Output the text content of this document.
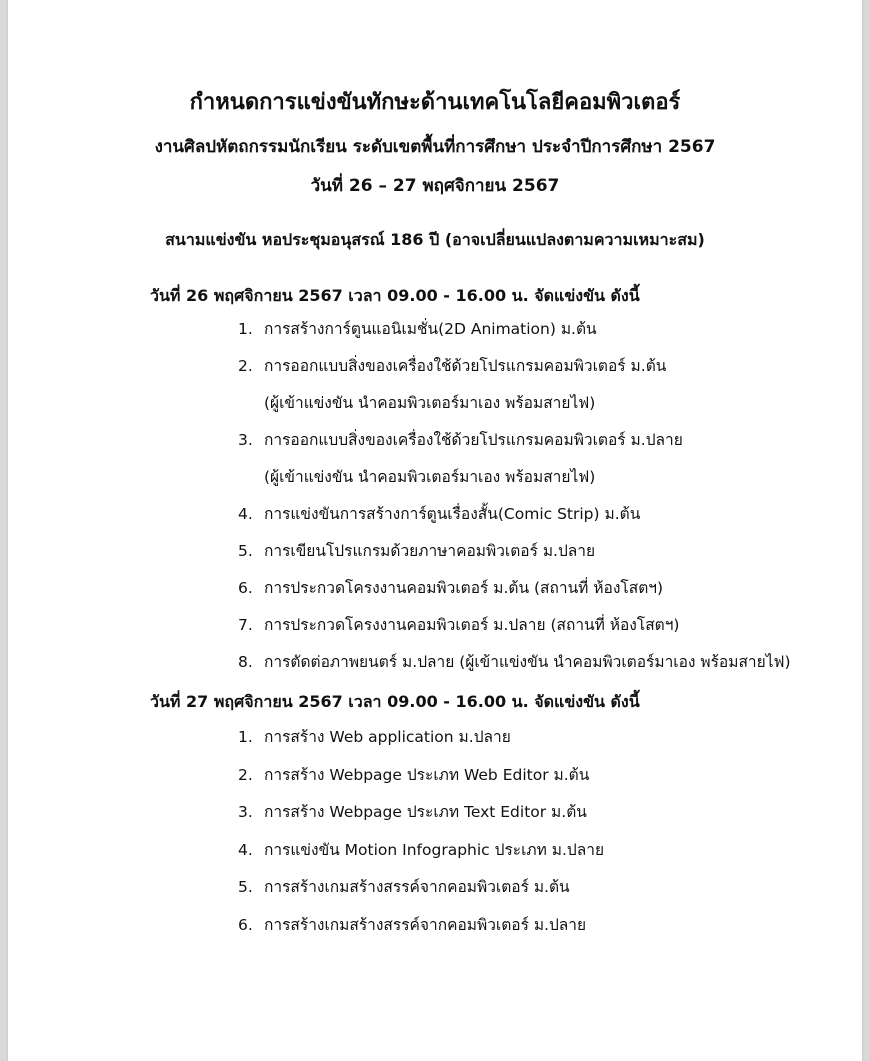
กำหนดการแข่งขันทักษะด้านเทคโนโลยีคอมพิวเตอร์
งานศิลปหัตถกรรมนักเรียน ระดับเขตพื้นที่การศึกษา ประจำปีการศึกษา 2567
วันที่ 26 – 27 พฤศจิกายน 2567
สนามแข่งขัน หอประชุมอนุสรณ์ 186 ปี (อาจเปลี่ยนแปลงตามความเหมาะสม)
วันที่ 26 พฤศจิกายน 2567 เวลา 09.00 - 16.00 น. จัดแข่งขัน ดังนี้
1. การสร้างการ์ตูนแอนิเมชั่น(2D Animation) ม.ต้น
2. การออกแบบสิ่งของเครื่องใช้ด้วยโปรแกรมคอมพิวเตอร์ ม.ต้น
(ผู้เข้าแข่งขัน นำคอมพิวเตอร์มาเอง พร้อมสายไฟ)
3. การออกแบบสิ่งของเครื่องใช้ด้วยโปรแกรมคอมพิวเตอร์ ม.ปลาย
(ผู้เข้าแข่งขัน นำคอมพิวเตอร์มาเอง พร้อมสายไฟ)
4. การแข่งขันการสร้างการ์ตูนเรื่องสั้น(Comic Strip) ม.ต้น
5. การเขียนโปรแกรมด้วยภาษาคอมพิวเตอร์ ม.ปลาย
6. การประกวดโครงงานคอมพิวเตอร์ ม.ต้น (สถานที่ ห้องโสตฯ)
7. การประกวดโครงงานคอมพิวเตอร์ ม.ปลาย (สถานที่ ห้องโสตฯ)
8. การตัดต่อภาพยนตร์ ม.ปลาย (ผู้เข้าแข่งขัน นำคอมพิวเตอร์มาเอง พร้อมสายไฟ)
วันที่ 27 พฤศจิกายน 2567 เวลา 09.00 - 16.00 น. จัดแข่งขัน ดังนี้
1. การสร้าง Web application ม.ปลาย
2. การสร้าง Webpage ประเภท Web Editor ม.ต้น
3. การสร้าง Webpage ประเภท Text Editor ม.ต้น
4. การแข่งขัน Motion Infographic ประเภท ม.ปลาย
5. การสร้างเกมสร้างสรรค์จากคอมพิวเตอร์ ม.ต้น
6. การสร้างเกมสร้างสรรค์จากคอมพิวเตอร์ ม.ปลาย
